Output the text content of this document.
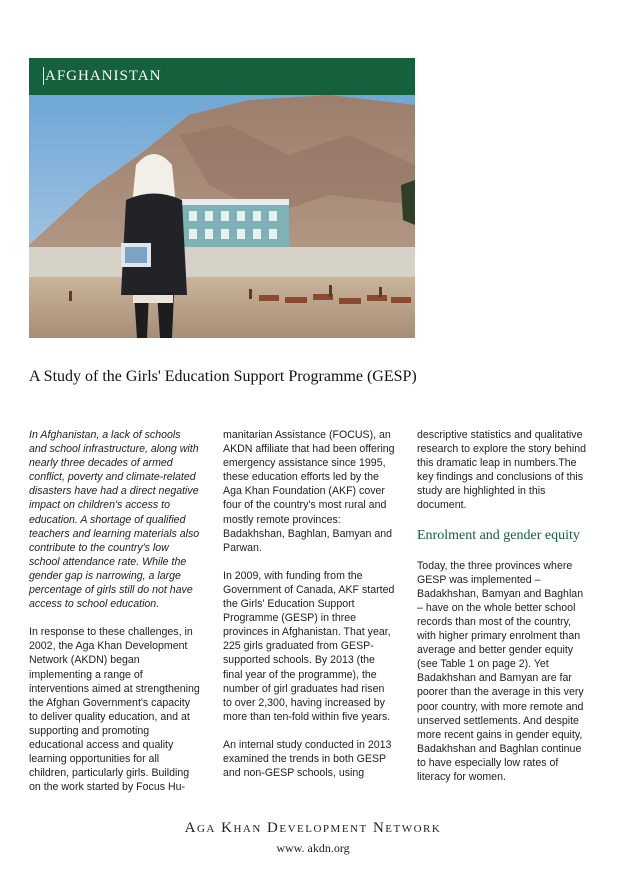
AFGHANISTAN
A Study of the Girls' Education Support Programme (GESP)

In Afghanistan, a lack of schools and school infrastructure, along with nearly three decades of armed conflict, poverty and climate-related disasters have had a direct negative impact on children's access to education. A shortage of qualified teachers and learning materials also contribute to the country's low school attendance rate. While the gender gap is narrowing, a large percentage of girls still do not have access to school education.

In response to these challenges, in 2002, the Aga Khan Development Network (AKDN) began implementing a range of interventions aimed at strengthening the Afghan Government's capacity to deliver quality education, and at supporting and promoting educational access and quality learning opportunities for all children, particularly girls. Building on the work started by Focus Hu-

manitarian Assistance (FOCUS), an AKDN affiliate that had been offering emergency assistance since 1995, these education efforts led by the Aga Khan Foundation (AKF) cover four of the country's most rural and mostly remote provinces: Badakhshan, Baghlan, Bamyan and Parwan.

In 2009, with funding from the Government of Canada, AKF started the Girls' Education Support Programme (GESP) in three provinces in Afghanistan. That year, 225 girls graduated from GESP-supported schools. By 2013 (the final year of the programme), the number of girl graduates had risen to over 2,300, having increased by more than ten-fold within five years.

An internal study conducted in 2013 examined the trends in both GESP and non-GESP schools, using

descriptive statistics and qualitative research to explore the story behind this dramatic leap in numbers.The key findings and conclusions of this study are highlighted in this document.

Enrolment and gender equity

Today, the three provinces where GESP was implemented – Badakhshan, Bamyan and Baghlan – have on the whole better school records than most of the country, with higher primary enrolment than average and better gender equity (see Table 1 on page 2). Yet Badakhshan and Bamyan are far poorer than the average in this very poor country, with more remote and unserved settlements. And despite more recent gains in gender equity, Badakhshan and Baghlan continue to have especially low rates of literacy for women.

Aga Khan Development Network
www. akdn.org
